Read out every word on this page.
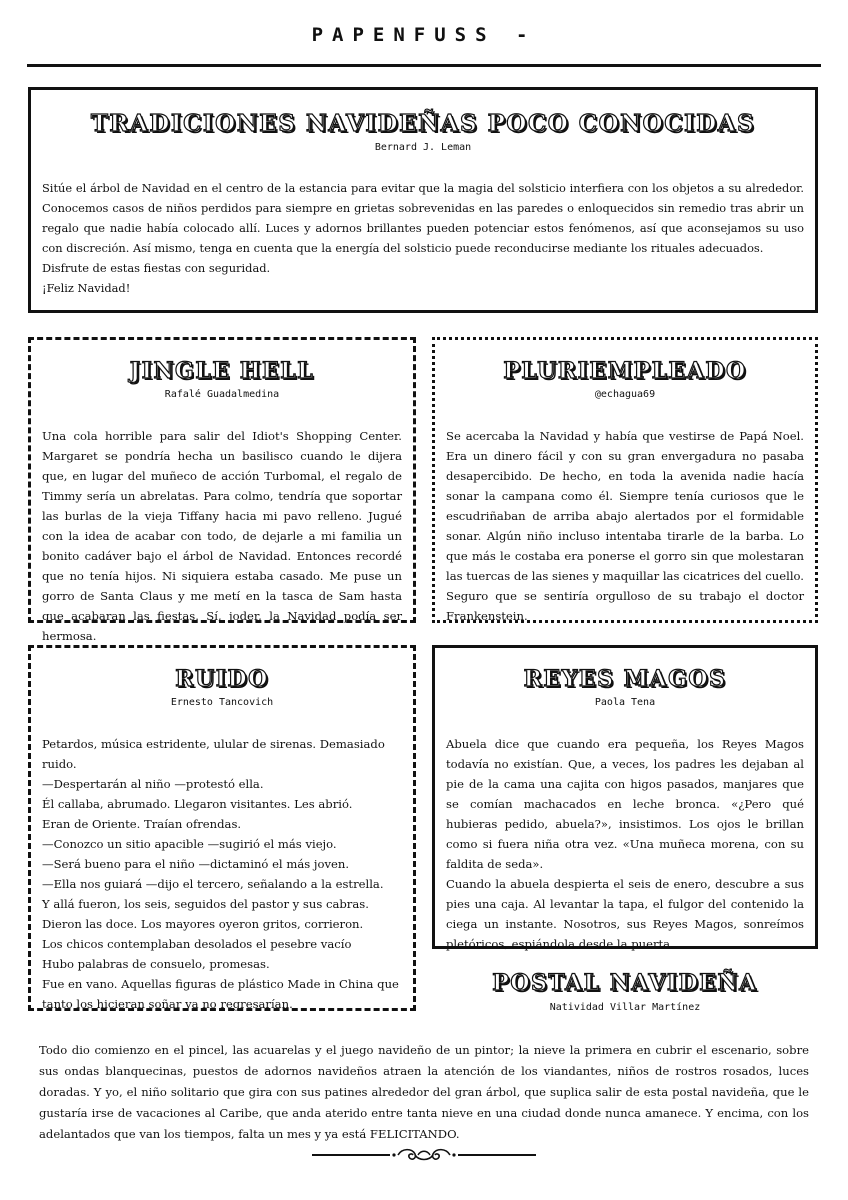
PAPENFUSS -
TRADICIONES NAVIDEÑAS POCO CONOCIDAS
Bernard J. Leman

Sitúe el árbol de Navidad en el centro de la estancia para evitar que la magia del solsticio interfiera con los objetos a su alrededor. Conocemos casos de niños perdidos para siempre en grietas sobrevenidas en las paredes o enloquecidos sin remedio tras abrir un regalo que nadie había colocado allí. Luces y adornos brillantes pueden potenciar estos fenómenos, así que aconsejamos su uso con discreción. Así mismo, tenga en cuenta que la energía del solsticio puede reconducirse mediante los rituales adecuados.

Disfrute de estas fiestas con seguridad.

¡Feliz Navidad!

JINGLE HELL
Rafalé Guadalmedina

Una cola horrible para salir del Idiot's Shopping Center. Margaret se pondría hecha un basilisco cuando le dijera que, en lugar del muñeco de acción Turbomal, el regalo de Timmy sería un abrelatas. Para colmo, tendría que soportar las burlas de la vieja Tiffany hacia mi pavo relleno. Jugué con la idea de acabar con todo, de dejarle a mi familia un bonito cadáver bajo el árbol de Navidad. Entonces recordé que no tenía hijos. Ni siquiera estaba casado. Me puse un gorro de Santa Claus y me metí en la tasca de Sam hasta que acabaran las fiestas. Sí, joder, la Navidad podía ser hermosa.

PLURIEMPLEADO
@echagua69

Se acercaba la Navidad y había que vestirse de Papá Noel. Era un dinero fácil y con su gran envergadura no pasaba desapercibido. De hecho, en toda la avenida nadie hacía sonar la campana como él. Siempre tenía curiosos que le escudriñaban de arriba abajo alertados por el formidable sonar. Algún niño incluso intentaba tirarle de la barba. Lo que más le costaba era ponerse el gorro sin que molestaran las tuercas de las sienes y maquillar las cicatrices del cuello. Seguro que se sentiría orgulloso de su trabajo el doctor Frankenstein.

RUIDO
Ernesto Tancovich

Petardos, música estridente, ulular de sirenas. Demasiado ruido.

—Despertarán al niño —protestó ella.

Él callaba, abrumado. Llegaron visitantes. Les abrió.

Eran de Oriente. Traían ofrendas.

—Conozco un sitio apacible —sugirió el más viejo.

—Será bueno para el niño —dictaminó el más joven.

—Ella nos guiará —dijo el tercero, señalando a la estrella.

Y allá fueron, los seis, seguidos del pastor y sus cabras.

Dieron las doce. Los mayores oyeron gritos, corrieron.

Los chicos contemplaban desolados el pesebre vacío

Hubo palabras de consuelo, promesas.

Fue en vano. Aquellas figuras de plástico Made in China que tanto los hicieran soñar ya no regresarían.

REYES MAGOS
Paola Tena

Abuela dice que cuando era pequeña, los Reyes Magos todavía no existían. Que, a veces, los padres les dejaban al pie de la cama una cajita con higos pasados, manjares que se comían machacados en leche bronca. «¿Pero qué hubieras pedido, abuela?», insistimos. Los ojos le brillan como si fuera niña otra vez. «Una muñeca morena, con su faldita de seda».

Cuando la abuela despierta el seis de enero, descubre a sus pies una caja. Al levantar la tapa, el fulgor del contenido la ciega un instante. Nosotros, sus Reyes Magos, sonreímos pletóricos, espiándola desde la puerta.

POSTAL NAVIDEÑA
Natividad Villar Martínez

Todo dio comienzo en el pincel, las acuarelas y el juego navideño de un pintor; la nieve la primera en cubrir el escenario, sobre sus ondas blanquecinas, puestos de adornos navideños atraen la atención de los viandantes, niños de rostros rosados, luces doradas. Y yo, el niño solitario que gira con sus patines alrededor del gran árbol, que suplica salir de esta postal navideña, que le gustaría irse de vacaciones al Caribe, que anda aterido entre tanta nieve en una ciudad donde nunca amanece. Y encima, con los adelantados que van los tiempos, falta un mes y ya está FELICITANDO.
